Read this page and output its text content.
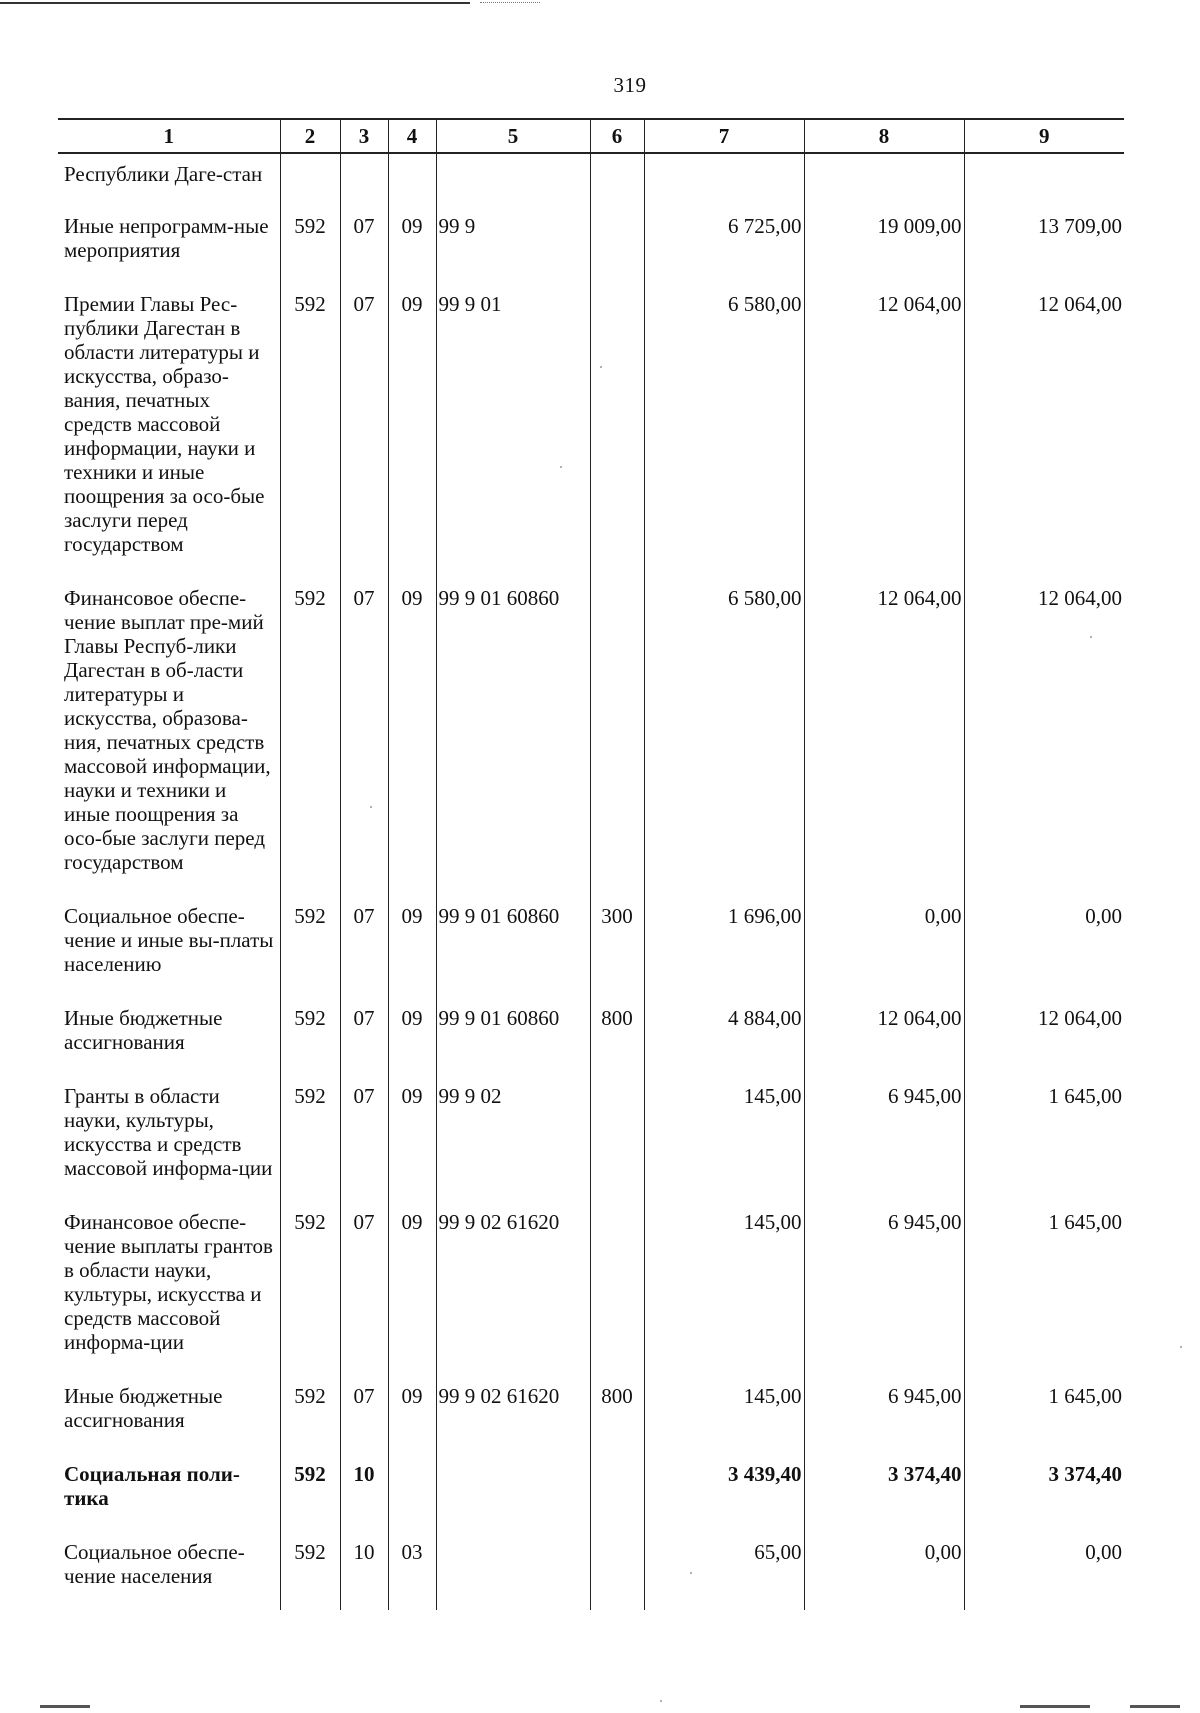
319
1	2	3	4	5	6	7	8	9
Республики Даге-стан								
Иные непрограмм-ные мероприятия	592	07	09	99 9		6 725,00	19 009,00	13 709,00
Премии Главы Рес-публики Дагестан в области литературы и искусства, образо-вания, печатных средств массовой информации, науки и техники и иные поощрения за осо-бые заслуги перед государством	592	07	09	99 9 01		6 580,00	12 064,00	12 064,00
Финансовое обеспе-чение выплат пре-мий Главы Респуб-лики Дагестан в об-ласти литературы и искусства, образова-ния, печатных средств массовой информации, науки и техники и иные поощрения за осо-бые заслуги перед государством	592	07	09	99 9 01 60860		6 580,00	12 064,00	12 064,00
Социальное обеспе-чение и иные вы-платы населению	592	07	09	99 9 01 60860	300	1 696,00	0,00	0,00
Иные бюджетные ассигнования	592	07	09	99 9 01 60860	800	4 884,00	12 064,00	12 064,00
Гранты в области науки, культуры, искусства и средств массовой информа-ции	592	07	09	99 9 02		145,00	6 945,00	1 645,00
Финансовое обеспе-чение выплаты грантов в области науки, культуры, искусства и средств массовой информа-ции	592	07	09	99 9 02 61620		145,00	6 945,00	1 645,00
Иные бюджетные ассигнования	592	07	09	99 9 02 61620	800	145,00	6 945,00	1 645,00
Социальная поли-тика	592	10				3 439,40	3 374,40	3 374,40
Социальное обеспе-чение населения	592	10	03			65,00	0,00	0,00
